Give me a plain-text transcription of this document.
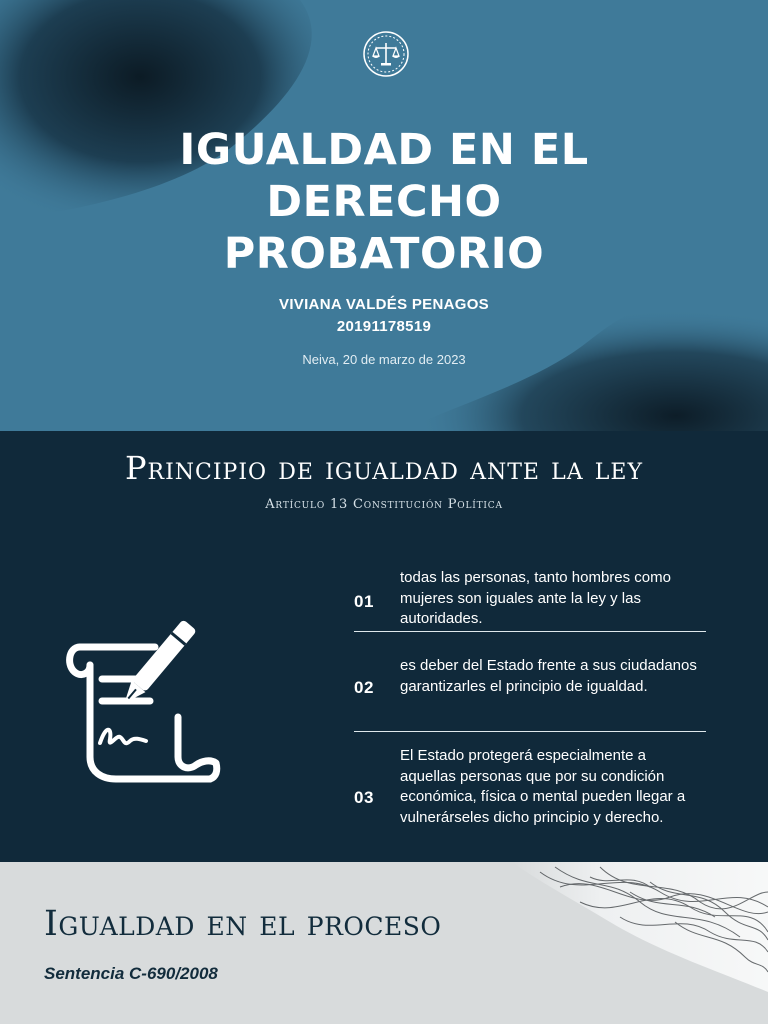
IGUALDAD EN EL
DERECHO
PROBATORIO
VIVIANA VALDÉS PENAGOS
20191178519
Neiva, 20 de marzo de 2023
Principio de igualdad ante la ley
Artículo 13 Constitución Política
01
todas las personas, tanto hombres como mujeres son iguales ante la ley y las autoridades.
02
es deber del Estado frente a sus ciudadanos garantizarles el principio de igualdad.
03
El Estado protegerá especialmente a aquellas personas que por su condición económica, física o mental pueden llegar a vulnerárseles dicho principio y derecho.
Igualdad en el proceso
Sentencia C-690/2008
